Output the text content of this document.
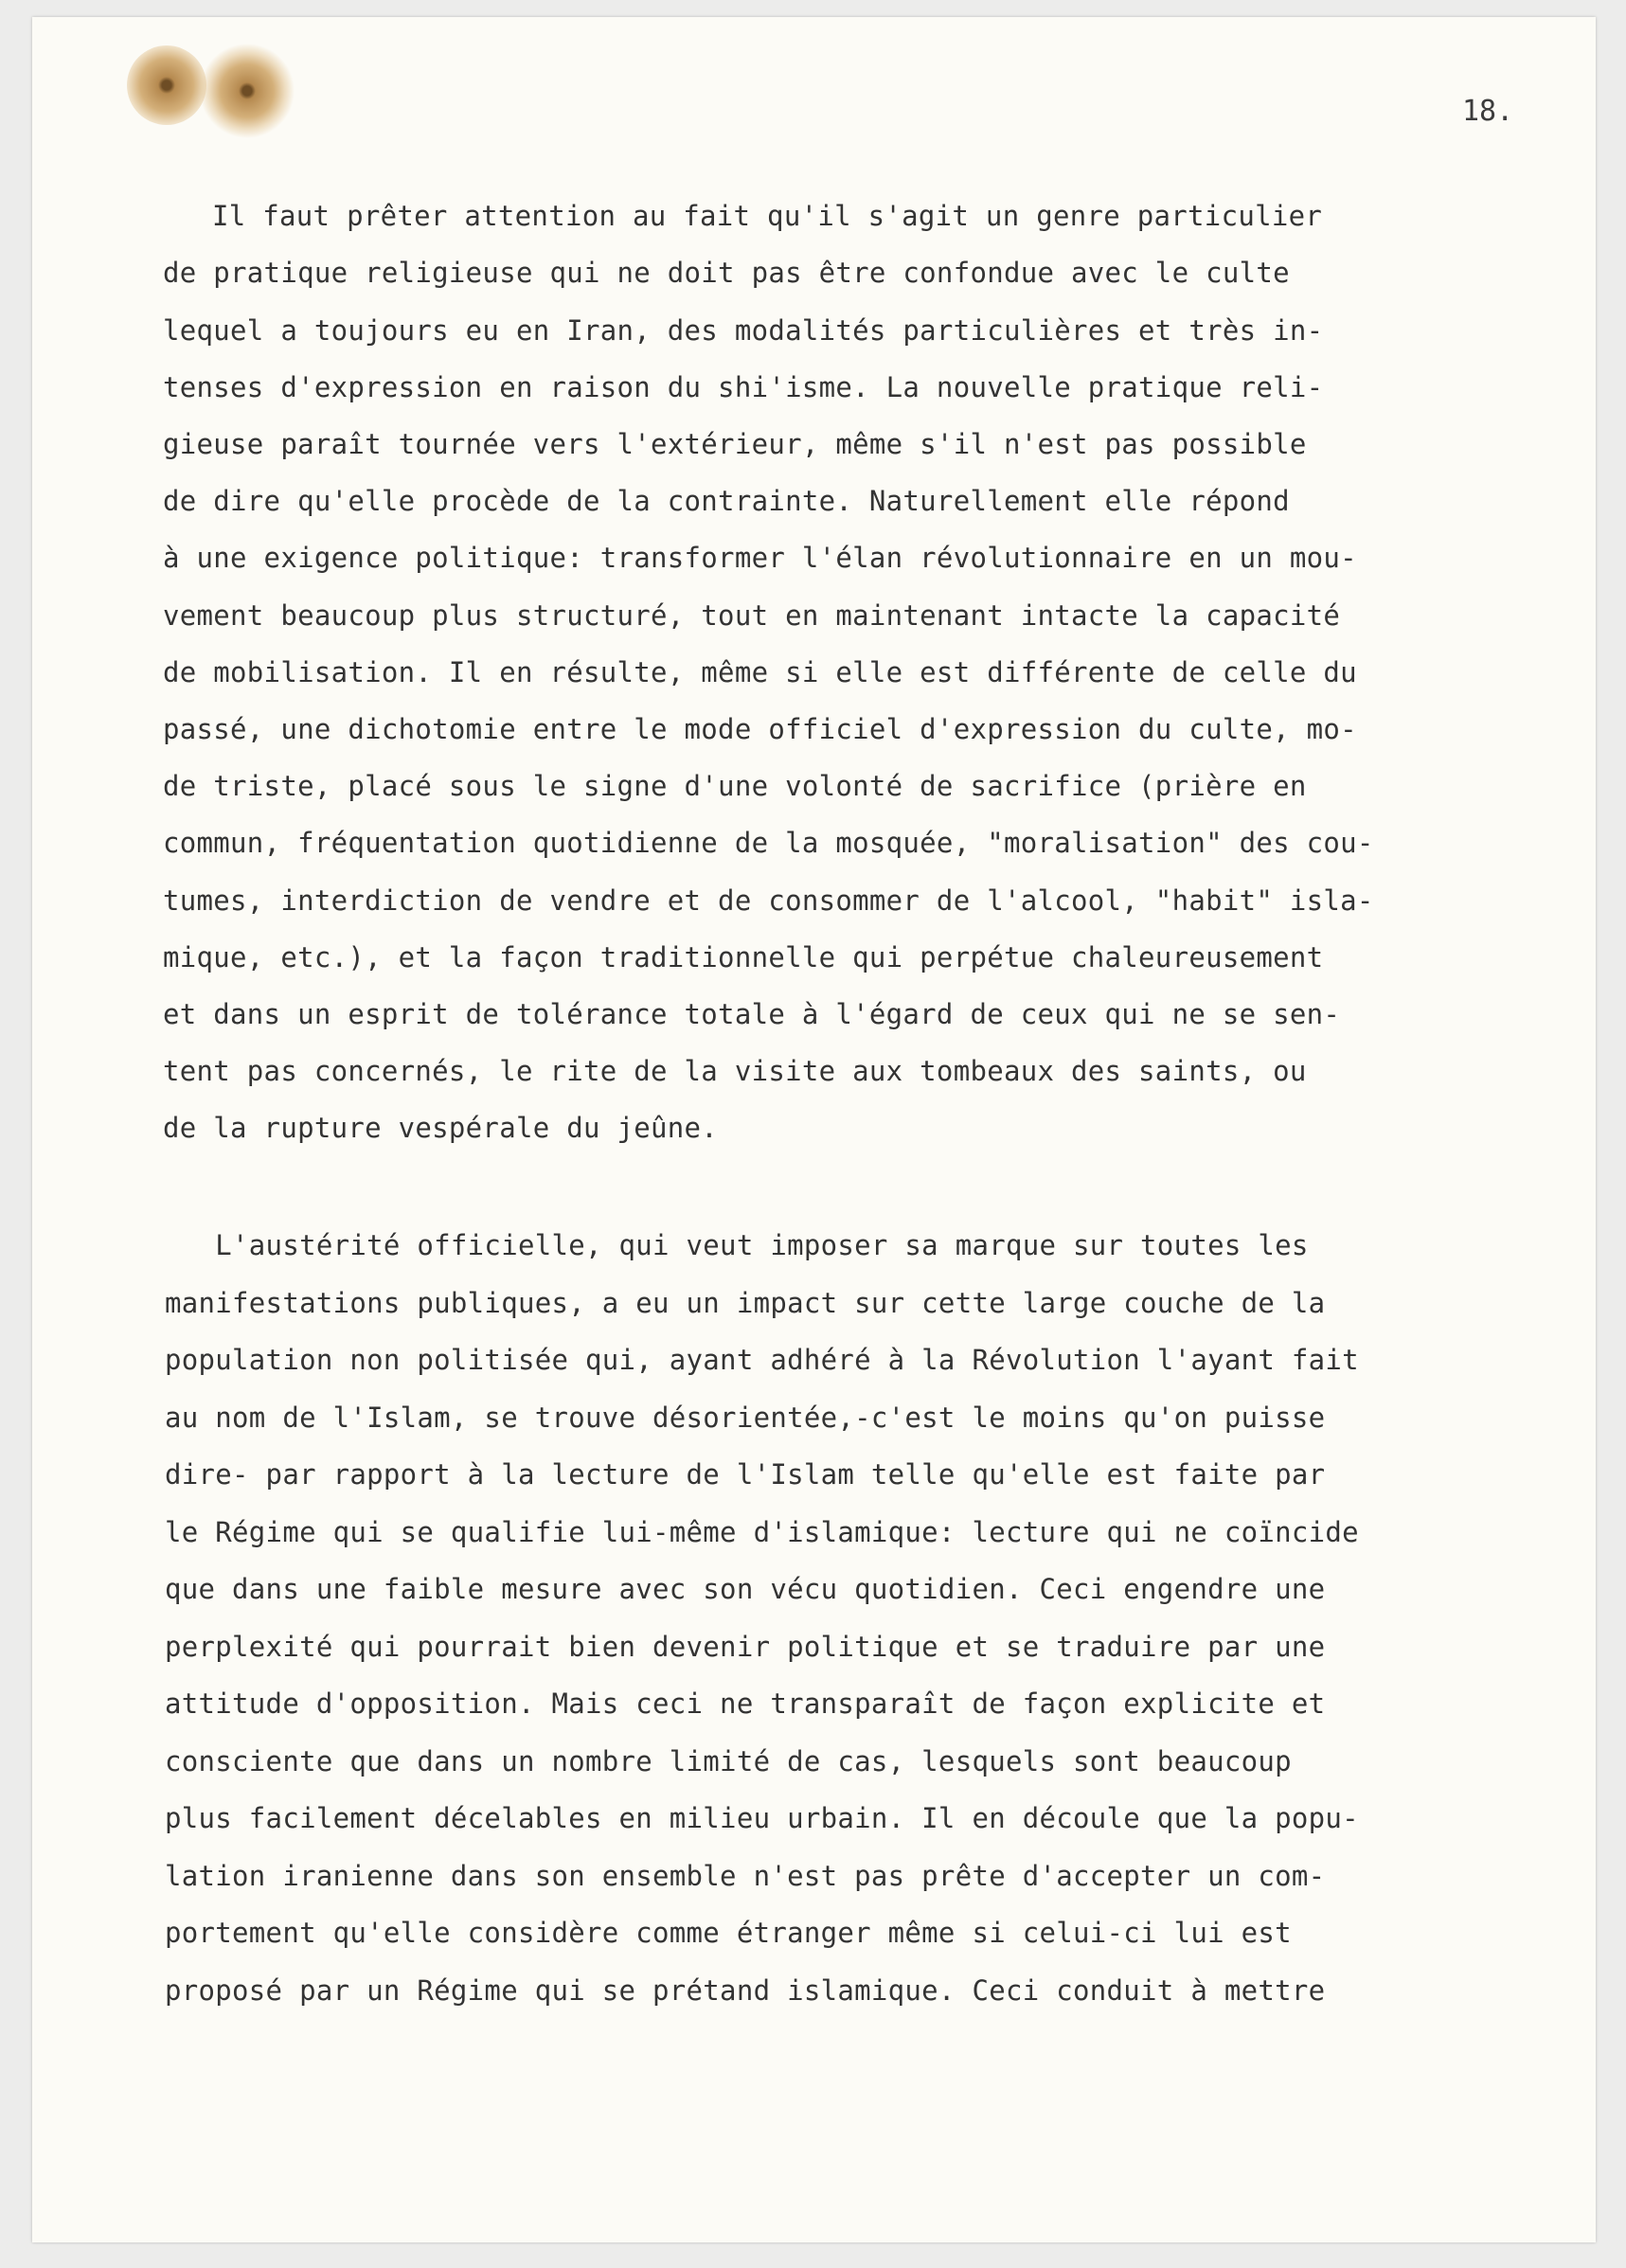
18.
Il faut prêter attention au fait qu'il s'agit un genre particulier
de pratique religieuse qui ne doit pas être confondue avec le culte
lequel a toujours eu en Iran, des modalités particulières et très in-
tenses d'expression en raison du shi'isme. La nouvelle pratique reli-
gieuse paraît tournée vers l'extérieur, même s'il n'est pas possible
de dire qu'elle procède de la contrainte. Naturellement elle répond
à une exigence politique: transformer l'élan révolutionnaire en un mou-
vement beaucoup plus structuré, tout en maintenant intacte la capacité
de mobilisation. Il en résulte, même si elle est différente de celle du
passé, une dichotomie entre le mode officiel d'expression du culte, mo-
de triste, placé sous le signe d'une volonté de sacrifice (prière en
commun, fréquentation quotidienne de la mosquée, "moralisation" des cou-
tumes, interdiction de vendre et de consommer de l'alcool, "habit" isla-
mique, etc.), et la façon traditionnelle qui perpétue chaleureusement
et dans un esprit de tolérance totale à l'égard de ceux qui ne se sen-
tent pas concernés, le rite de la visite aux tombeaux des saints, ou
de la rupture vespérale du jeûne.
L'austérité officielle, qui veut imposer sa marque sur toutes les
manifestations publiques, a eu un impact sur cette large couche de la
population non politisée qui, ayant adhéré à la Révolution l'ayant fait
au nom de l'Islam, se trouve désorientée,-c'est le moins qu'on puisse
dire- par rapport à la lecture de l'Islam telle qu'elle est faite par
le Régime qui se qualifie lui-même d'islamique: lecture qui ne coïncide
que dans une faible mesure avec son vécu quotidien. Ceci engendre une
perplexité qui pourrait bien devenir politique et se traduire par une
attitude d'opposition. Mais ceci ne transparaît de façon explicite et
consciente que dans un nombre limité de cas, lesquels sont beaucoup
plus facilement décelables en milieu urbain. Il en découle que la popu-
lation iranienne dans son ensemble n'est pas prête d'accepter un com-
portement qu'elle considère comme étranger même si celui-ci lui est
proposé par un Régime qui se prétand islamique. Ceci conduit à mettre
